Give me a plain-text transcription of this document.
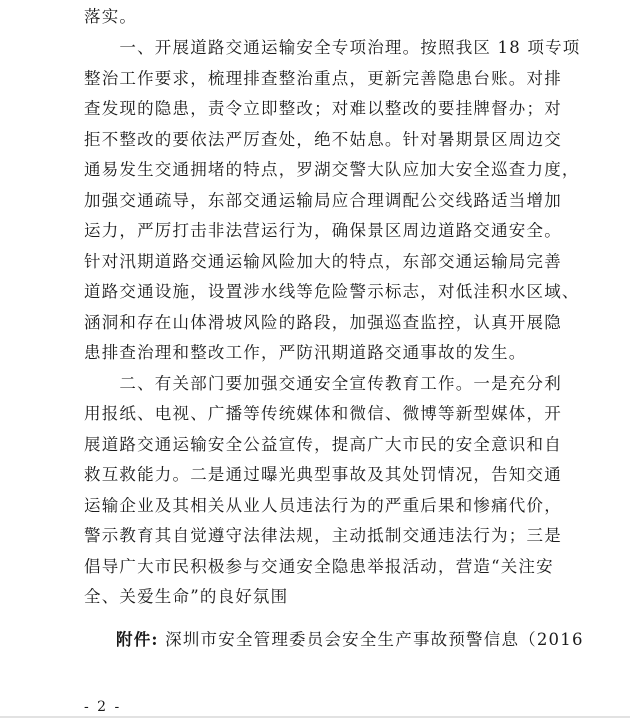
落实。
　　一、开展道路交通运输安全专项治理。按照我区 18 项专项
整治工作要求，梳理排查整治重点，更新完善隐患台账。对排
查发现的隐患，责令立即整改；对难以整改的要挂牌督办；对
拒不整改的要依法严厉查处，绝不姑息。针对暑期景区周边交
通易发生交通拥堵的特点，罗湖交警大队应加大安全巡查力度，
加强交通疏导，东部交通运输局应合理调配公交线路适当增加
运力，严厉打击非法营运行为，确保景区周边道路交通安全。
针对汛期道路交通运输风险加大的特点，东部交通运输局完善
道路交通设施，设置涉水线等危险警示标志，对低洼积水区域、
涵洞和存在山体滑坡风险的路段，加强巡查监控，认真开展隐
患排查治理和整改工作，严防汛期道路交通事故的发生。
　　二、有关部门要加强交通安全宣传教育工作。一是充分利
用报纸、电视、广播等传统媒体和微信、微博等新型媒体，开
展道路交通运输安全公益宣传，提高广大市民的安全意识和自
救互救能力。二是通过曝光典型事故及其处罚情况，告知交通
运输企业及其相关从业人员违法行为的严重后果和惨痛代价，
警示教育其自觉遵守法律法规，主动抵制交通违法行为；三是
倡导广大市民积极参与交通安全隐患举报活动，营造“关注安
全、关爱生命”的良好氛围
附件: 深圳市安全管理委员会安全生产事故预警信息（2016
- 2 -
